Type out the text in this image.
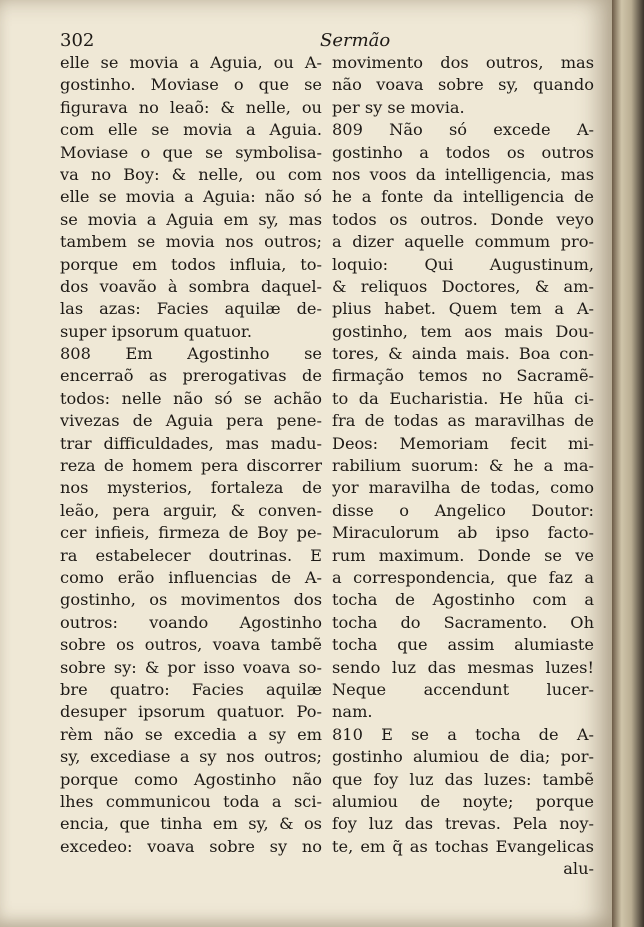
302	Sermão
elle se movia a Aguia, ou A-
gostinho. Moviase o que se
figurava no leaõ: & nelle, ou
com elle se movia a Aguia.
Moviase o que se symbolisa-
va no Boy: & nelle, ou com
elle se movia a Aguia: não só
se movia a Aguia em sy, mas
tambem se movia nos outros;
porque em todos influia, to-
dos voavão à sombra daquel-
las azas: Facies aquilæ de-
super ipsorum quatuor.
808 Em Agostinho se
encerraõ as prerogativas de
todos: nelle não só se achão
vivezas de Aguia pera pene-
trar difficuldades, mas madu-
reza de homem pera discorrer
nos mysterios, fortaleza de
leão, pera arguir, & conven-
cer infieis, firmeza de Boy pe-
ra estabelecer doutrinas. E
como erão influencias de A-
gostinho, os movimentos dos
outros: voando Agostinho
sobre os outros, voava tambẽ
sobre sy: & por isso voava so-
bre quatro: Facies aquilæ
desuper ipsorum quatuor. Po-
rèm não se excedia a sy em
sy, excediase a sy nos outros;
porque como Agostinho não
lhes communicou toda a sci-
encia, que tinha em sy, & os
excedeo: voava sobre sy no
movimento dos outros, mas
não voava sobre sy, quando
per sy se movia.
809 Não só excede A-
gostinho a todos os outros
nos voos da intelligencia, mas
he a fonte da intelligencia de
todos os outros. Donde veyo
a dizer aquelle commum pro-
loquio: Qui Augustinum,
& reliquos Doctores, & am-
plius habet. Quem tem a A-
gostinho, tem aos mais Dou-
tores, & ainda mais. Boa con-
firmação temos no Sacramẽ-
to da Eucharistia. He hũa ci-
fra de todas as maravilhas de
Deos: Memoriam fecit mi-
rabilium suorum: & he a ma-
yor maravilha de todas, como
disse o Angelico Doutor:
Miraculorum ab ipso facto-
rum maximum. Donde se ve
a correspondencia, que faz a
tocha de Agostinho com a
tocha do Sacramento. Oh
tocha que assim alumiaste
sendo luz das mesmas luzes!
Neque accendunt lucer-
nam.
810 E se a tocha de A-
gostinho alumiou de dia; por-
que foy luz das luzes: tambẽ
alumiou de noyte; porque
foy luz das trevas. Pela noy-
te, em q̃ as tochas Evangelicas
alu-
